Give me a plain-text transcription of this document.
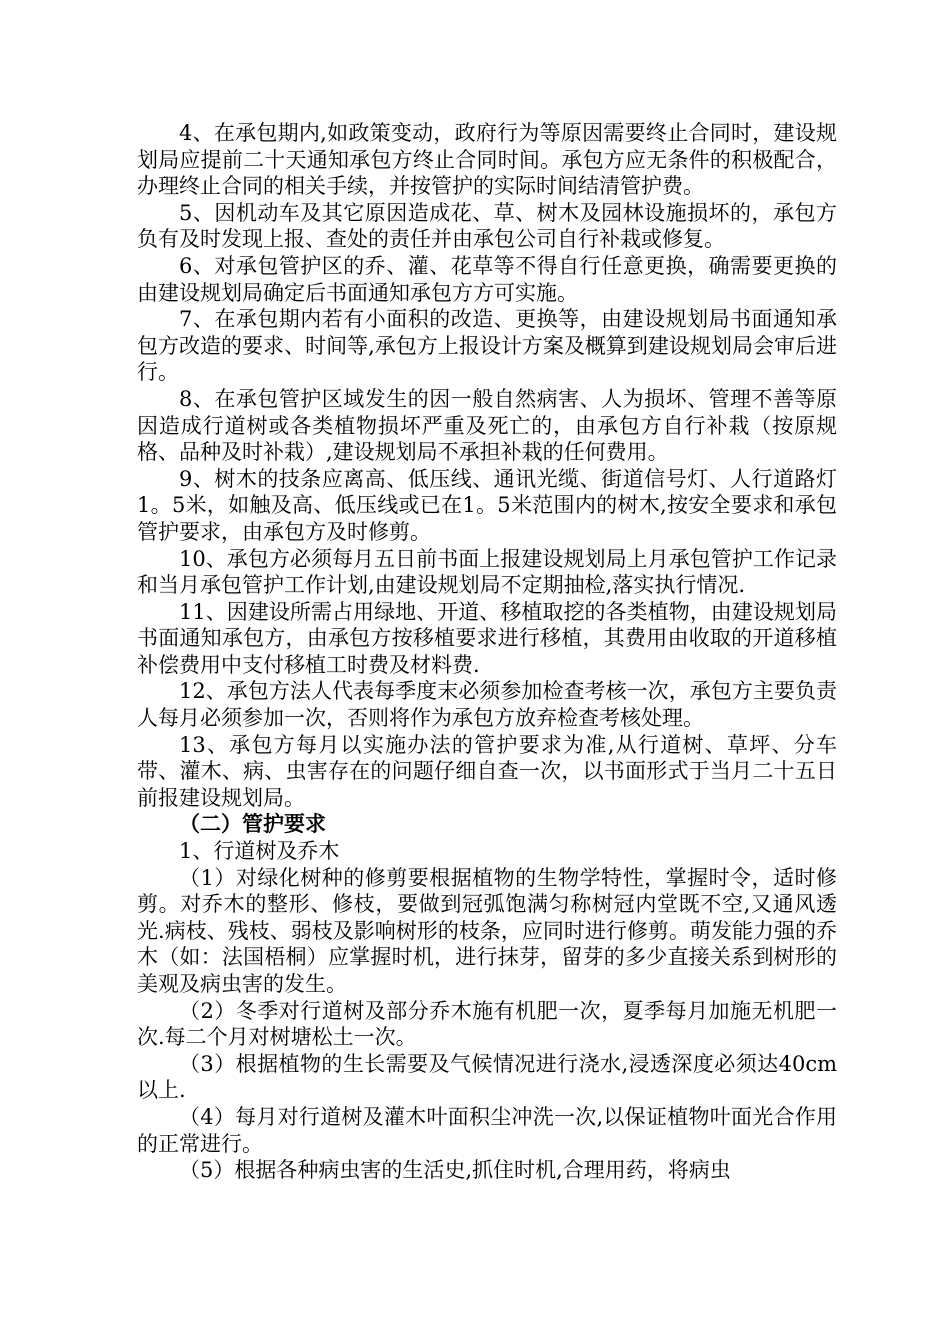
4、在承包期内,如政策变动，政府行为等原因需要终止合同时，建设规划局应提前二十天通知承包方终止合同时间。承包方应无条件的积极配合，办理终止合同的相关手续，并按管护的实际时间结清管护费。

5、因机动车及其它原因造成花、草、树木及园林设施损坏的，承包方负有及时发现上报、查处的责任并由承包公司自行补栽或修复。

6、对承包管护区的乔、灌、花草等不得自行任意更换，确需要更换的由建设规划局确定后书面通知承包方方可实施。

7、在承包期内若有小面积的改造、更换等，由建设规划局书面通知承包方改造的要求、时间等,承包方上报设计方案及概算到建设规划局会审后进行。

8、在承包管护区域发生的因一般自然病害、人为损坏、管理不善等原因造成行道树或各类植物损坏严重及死亡的，由承包方自行补栽（按原规格、品种及时补栽）,建设规划局不承担补栽的任何费用。

9、树木的技条应离高、低压线、通讯光缆、街道信号灯、人行道路灯1。5米，如触及高、低压线或已在1。5米范围内的树木,按安全要求和承包管护要求，由承包方及时修剪。

10、承包方必须每月五日前书面上报建设规划局上月承包管护工作记录和当月承包管护工作计划,由建设规划局不定期抽检,落实执行情况.

11、因建设所需占用绿地、开道、移植取挖的各类植物，由建设规划局书面通知承包方，由承包方按移植要求进行移植，其费用由收取的开道移植补偿费用中支付移植工时费及材料费.

12、承包方法人代表每季度末必须参加检查考核一次，承包方主要负责人每月必须参加一次，否则将作为承包方放弃检查考核处理。

13、承包方每月以实施办法的管护要求为准,从行道树、草坪、分车带、灌木、病、虫害存在的问题仔细自查一次，以书面形式于当月二十五日前报建设规划局。

（二）管护要求

1、行道树及乔木

（1）对绿化树种的修剪要根据植物的生物学特性，掌握时令，适时修剪。对乔木的整形、修枝，要做到冠弧饱满匀称树冠内堂既不空,又通风透光.病枝、残枝、弱枝及影响树形的枝条，应同时进行修剪。萌发能力强的乔木（如：法国梧桐）应掌握时机，进行抹芽，留芽的多少直接关系到树形的美观及病虫害的发生。

（2）冬季对行道树及部分乔木施有机肥一次，夏季每月加施无机肥一次.每二个月对树塘松土一次。

（3）根据植物的生长需要及气候情况进行浇水,浸透深度必须达40cm以上.

（4）每月对行道树及灌木叶面积尘冲洗一次,以保证植物叶面光合作用的正常进行。

（5）根据各种病虫害的生活史,抓住时机,合理用药，将病虫
